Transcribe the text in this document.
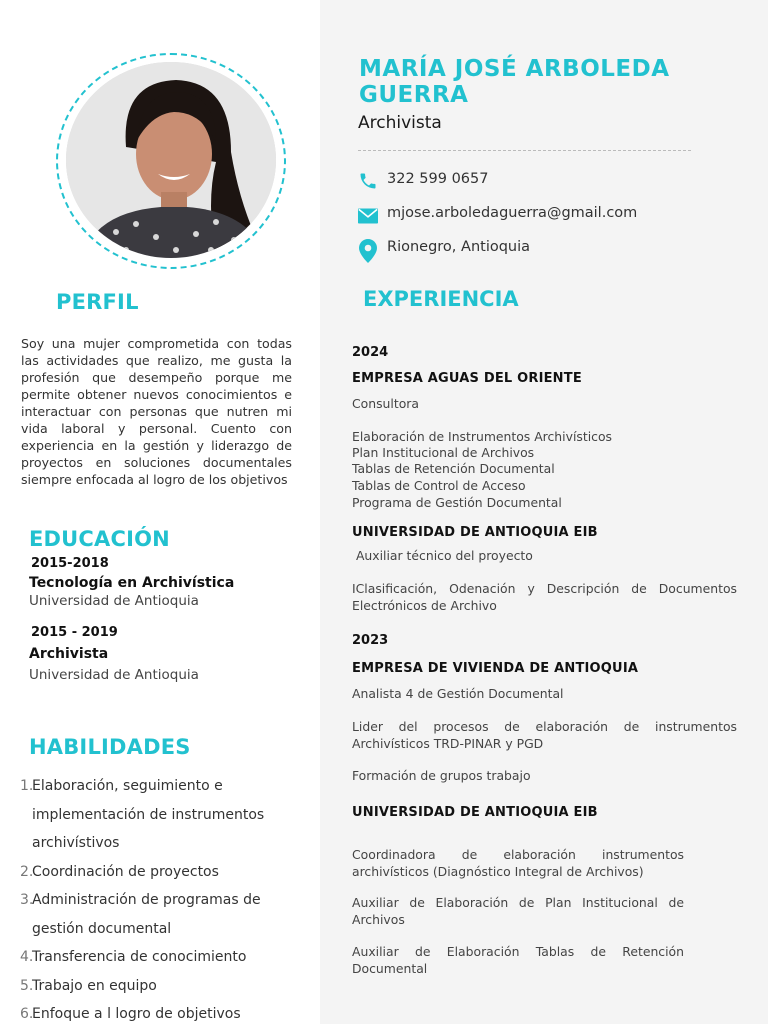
PERFIL
Soy una mujer comprometida con todas las actividades que realizo, me gusta la profesión que desempeño porque me permite obtener nuevos conocimientos e interactuar con personas que nutren mi vida laboral y personal. Cuento con experiencia en la gestión y liderazgo de proyectos en soluciones documentales siempre enfocada al logro de los objetivos
EDUCACIÓN
2015-2018
Tecnología en Archivística
Universidad de Antioquia
2015 - 2019
Archivista
Universidad de Antioquia
HABILIDADES
1.
Elaboración, seguimiento e
implementación de instrumentos
archivístivos
2.
Coordinación de proyectos
3.
Administración de programas de
gestión documental
4.
Transferencia de conocimiento
5.
Trabajo en equipo
6.
Enfoque a l logro de objetivos
MARÍA JOSÉ ARBOLEDA GUERRA
Archivista
322 599 0657
mjose.arboledaguerra@gmail.com
Rionegro, Antioquia
EXPERIENCIA
2024
EMPRESA AGUAS DEL ORIENTE
Consultora
Elaboración de Instrumentos Archivísticos
Plan Institucional de Archivos
Tablas de Retención Documental
Tablas de Control de Acceso
Programa de Gestión Documental
UNIVERSIDAD DE ANTIOQUIA EIB
Auxiliar técnico del proyecto
IClasificación, Odenación y Descripción de Documentos Electrónicos de Archivo
2023
EMPRESA DE VIVIENDA DE ANTIOQUIA
Analista 4 de Gestión Documental
Lider del procesos de elaboración de instrumentos Archivísticos TRD-PINAR y PGD
Formación de grupos trabajo
UNIVERSIDAD DE ANTIOQUIA EIB
Coordinadora de elaboración instrumentos archivísticos (Diagnóstico Integral de Archivos)
Auxiliar de Elaboración de Plan Institucional de Archivos
Auxiliar de Elaboración Tablas de Retención Documental
